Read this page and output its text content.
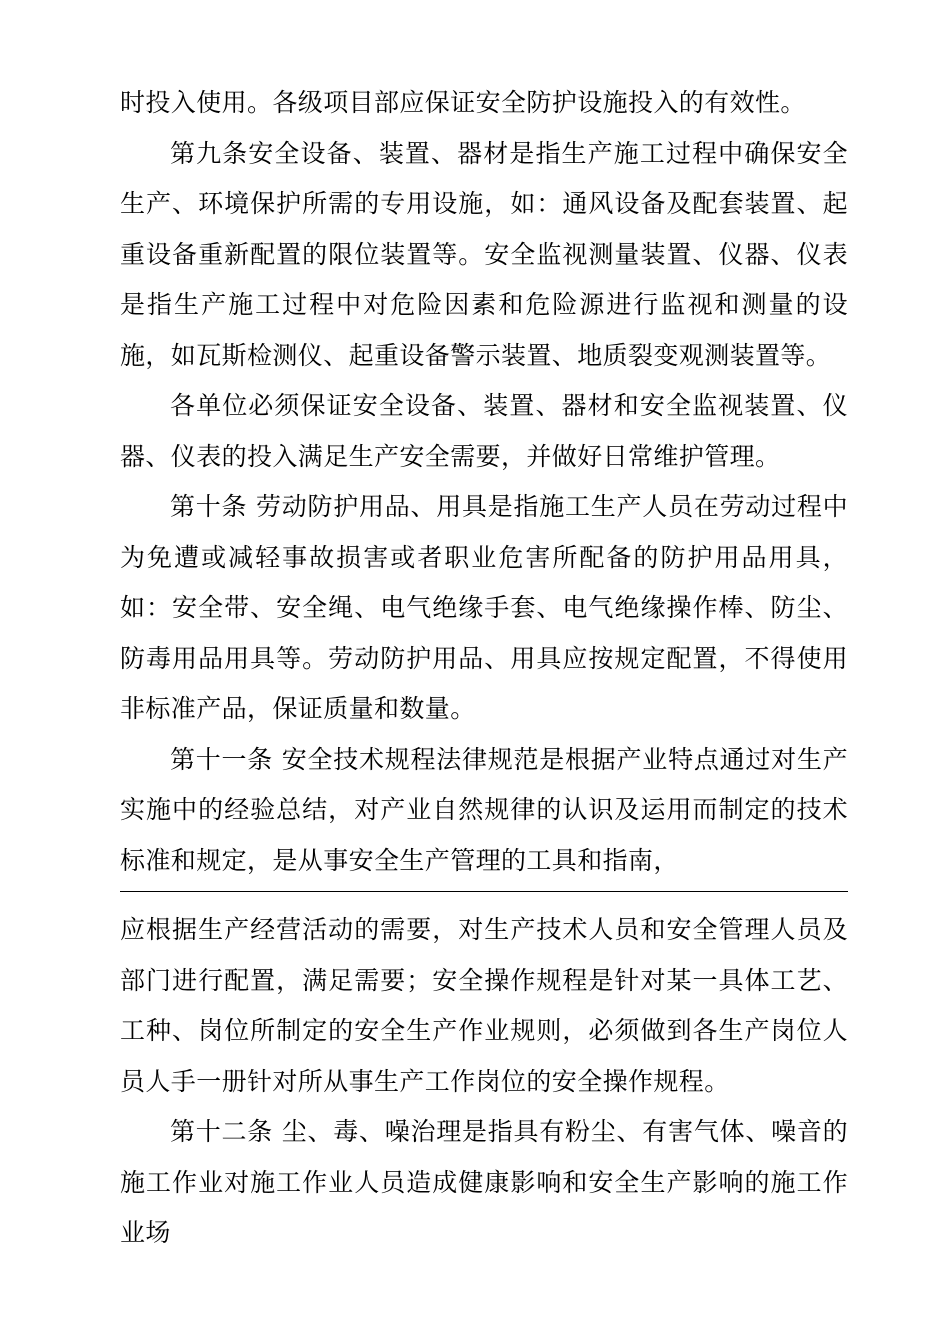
时投入使用。各级项目部应保证安全防护设施投入的有效性。

第九条安全设备、装置、器材是指生产施工过程中确保安全生产、环境保护所需的专用设施，如：通风设备及配套装置、起重设备重新配置的限位装置等。安全监视测量装置、仪器、仪表是指生产施工过程中对危险因素和危险源进行监视和测量的设施，如瓦斯检测仪、起重设备警示装置、地质裂变观测装置等。

各单位必须保证安全设备、装置、器材和安全监视装置、仪器、仪表的投入满足生产安全需要，并做好日常维护管理。

第十条 劳动防护用品、用具是指施工生产人员在劳动过程中为免遭或减轻事故损害或者职业危害所配备的防护用品用具，如：安全带、安全绳、电气绝缘手套、电气绝缘操作棒、防尘、防毒用品用具等。劳动防护用品、用具应按规定配置，不得使用非标准产品，保证质量和数量。

第十一条 安全技术规程法律规范是根据产业特点通过对生产实施中的经验总结，对产业自然规律的认识及运用而制定的技术标准和规定，是从事安全生产管理的工具和指南，

应根据生产经营活动的需要，对生产技术人员和安全管理人员及部门进行配置，满足需要；安全操作规程是针对某一具体工艺、工种、岗位所制定的安全生产作业规则，必须做到各生产岗位人员人手一册针对所从事生产工作岗位的安全操作规程。

第十二条 尘、毒、噪治理是指具有粉尘、有害气体、噪音的施工作业对施工作业人员造成健康影响和安全生产影响的施工作业场
